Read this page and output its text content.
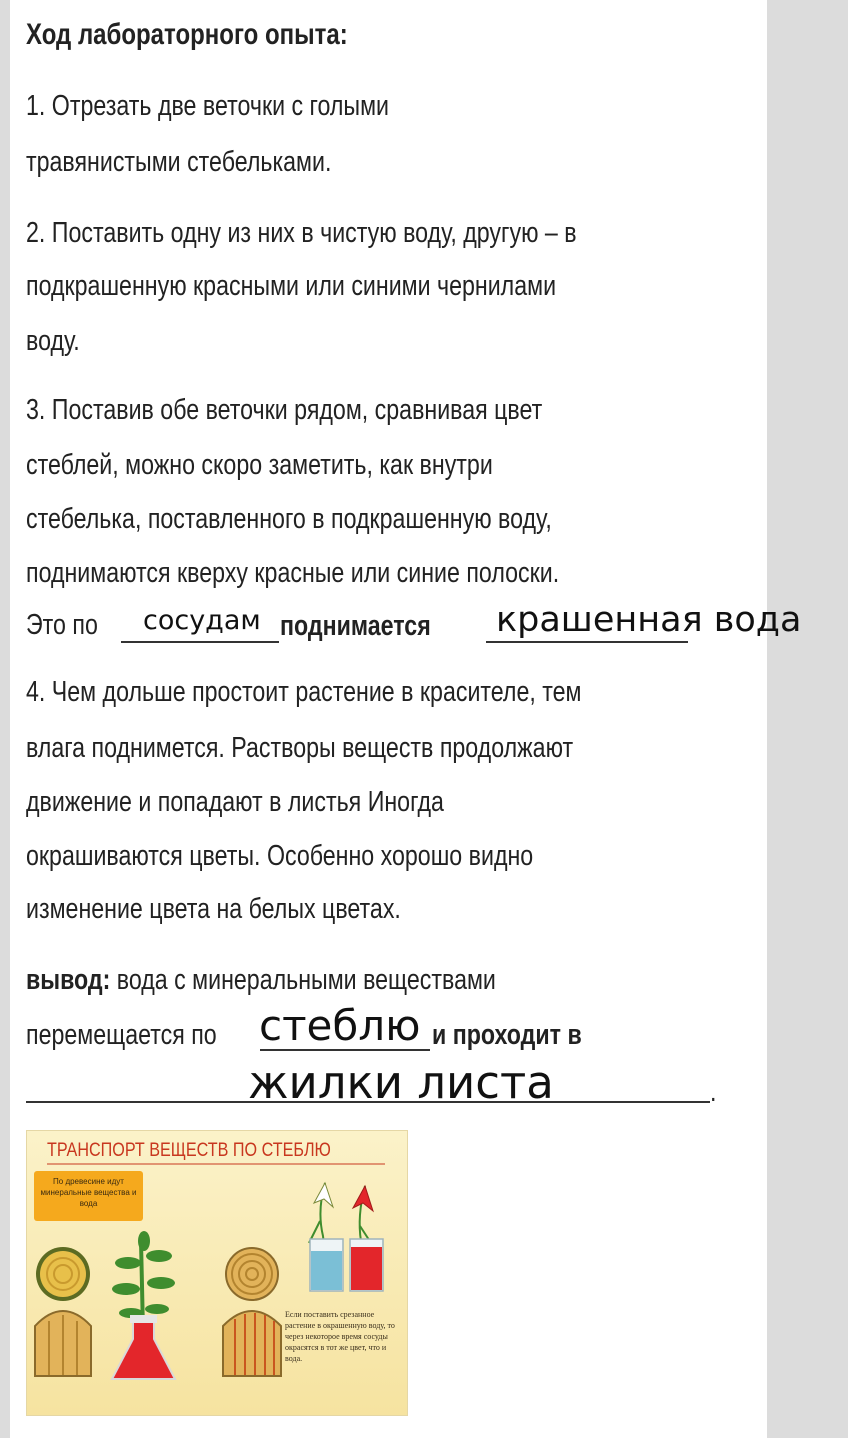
Ход лабораторного опыта:
1. Отрезать две веточки с голыми
травянистыми стебельками.
2. Поставить одну из них в чистую воду, другую – в
подкрашенную красными или синими чернилами
воду.
3. Поставив обе веточки рядом, сравнивая цвет
стеблей, можно скоро заметить, как внутри
стебелька, поставленного в подкрашенную воду,
поднимаются кверху красные или синие полоски.
Это по сосудам поднимается крашенная вода
4. Чем дольше простоит растение в красителе, тем
влага поднимется. Растворы веществ продолжают
движение и попадают в листья Иногда
окрашиваются цветы. Особенно хорошо видно
изменение цвета на белых цветах.
вывод: вода с минеральными веществами
перемещается по стеблю и проходит в
жилки листа	.
ТРАНСПОРТ ВЕЩЕСТВ ПО СТЕБЛЮ
По древесине идут минеральные вещества и вода
Если поставить срезанное растение в окрашенную воду, то через некоторое время сосуды окрасятся в тот же цвет, что и вода.
